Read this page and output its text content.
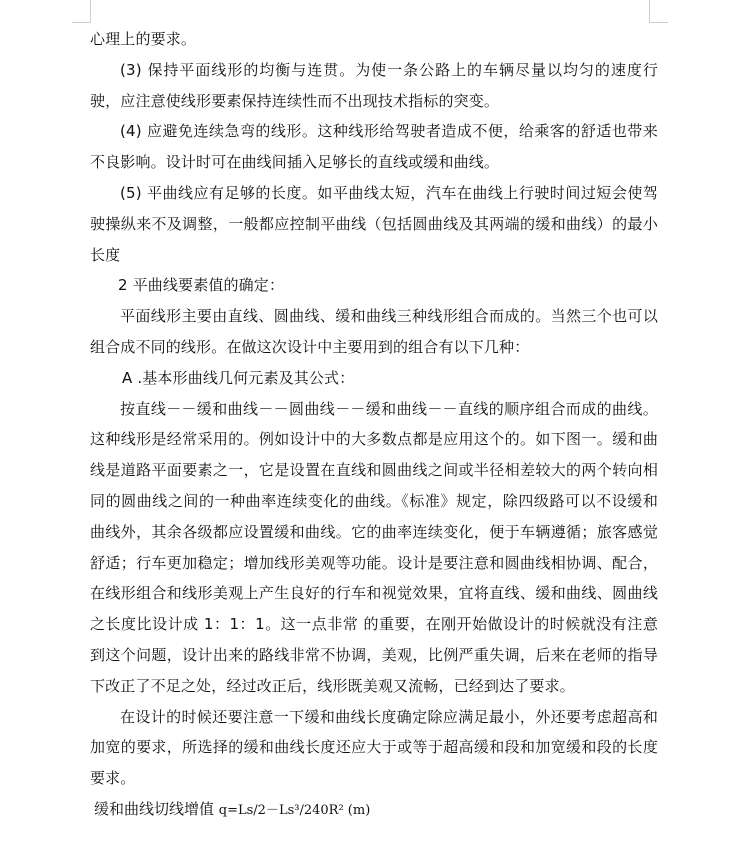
心理上的要求。

(3) 保持平面线形的均衡与连贯。为使一条公路上的车辆尽量以均匀的速度行驶，应注意使线形要素保持连续性而不出现技术指标的突变。

(4) 应避免连续急弯的线形。这种线形给驾驶者造成不便，给乘客的舒适也带来不良影响。设计时可在曲线间插入足够长的直线或缓和曲线。

(5) 平曲线应有足够的长度。如平曲线太短，汽车在曲线上行驶时间过短会使驾驶操纵来不及调整，一般都应控制平曲线（包括圆曲线及其两端的缓和曲线）的最小长度

2 平曲线要素值的确定：

平面线形主要由直线、圆曲线、缓和曲线三种线形组合而成的。当然三个也可以组合成不同的线形。在做这次设计中主要用到的组合有以下几种：

A .基本形曲线几何元素及其公式：

按直线－－缓和曲线－－圆曲线－－缓和曲线－－直线的顺序组合而成的曲线。这种线形是经常采用的。例如设计中的大多数点都是应用这个的。如下图一。缓和曲线是道路平面要素之一，它是设置在直线和圆曲线之间或半径相差较大的两个转向相同的圆曲线之间的一种曲率连续变化的曲线。《标准》规定，除四级路可以不设缓和曲线外，其余各级都应设置缓和曲线。它的曲率连续变化，便于车辆遵循；旅客感觉舒适；行车更加稳定；增加线形美观等功能。设计是要注意和圆曲线相协调、配合，在线形组合和线形美观上产生良好的行车和视觉效果，宜将直线、缓和曲线、圆曲线之长度比设计成 1：1：1。这一点非常 的重要，在刚开始做设计的时候就没有注意到这个问题，设计出来的路线非常不协调，美观，比例严重失调，后来在老师的指导下改正了不足之处，经过改正后，线形既美观又流畅，已经到达了要求。

在设计的时候还要注意一下缓和曲线长度确定除应满足最小，外还要考虑超高和加宽的要求，所选择的缓和曲线长度还应大于或等于超高缓和段和加宽缓和段的长度要求。

缓和曲线切线增值 q=Ls/2－Ls³/240R² (m)
